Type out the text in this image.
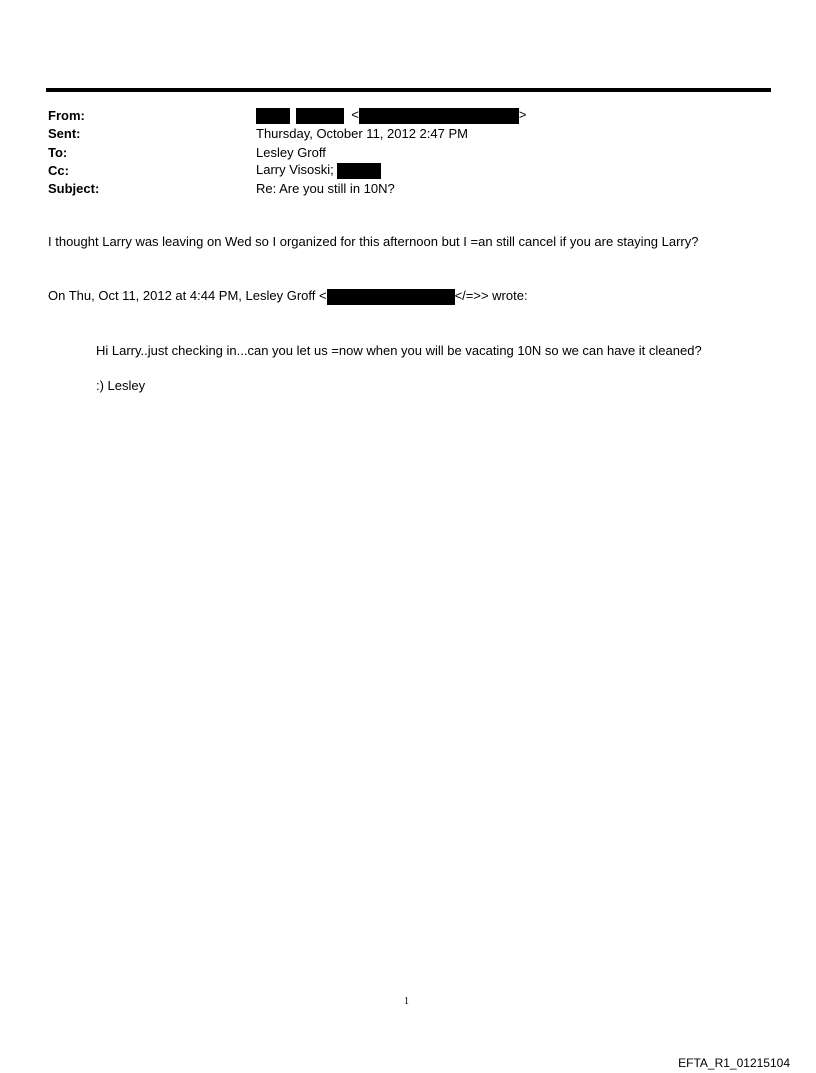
From:	<	>
Sent:	Thursday, October 11, 2012 2:47 PM
To:	Lesley Groff
Cc:	Larry Visoski;
Subject:	Re: Are you still in 10N?
I thought Larry was leaving on Wed so I organized for this afternoon but I =an still cancel if you are staying Larry?
On Thu, Oct 11, 2012 at 4:44 PM, Lesley Groff <	</=>> wrote:
Hi Larry..just checking in...can you let us =now when you will be vacating 10N so we can have it cleaned?
:) Lesley
1
EFTA_R1_01215104
